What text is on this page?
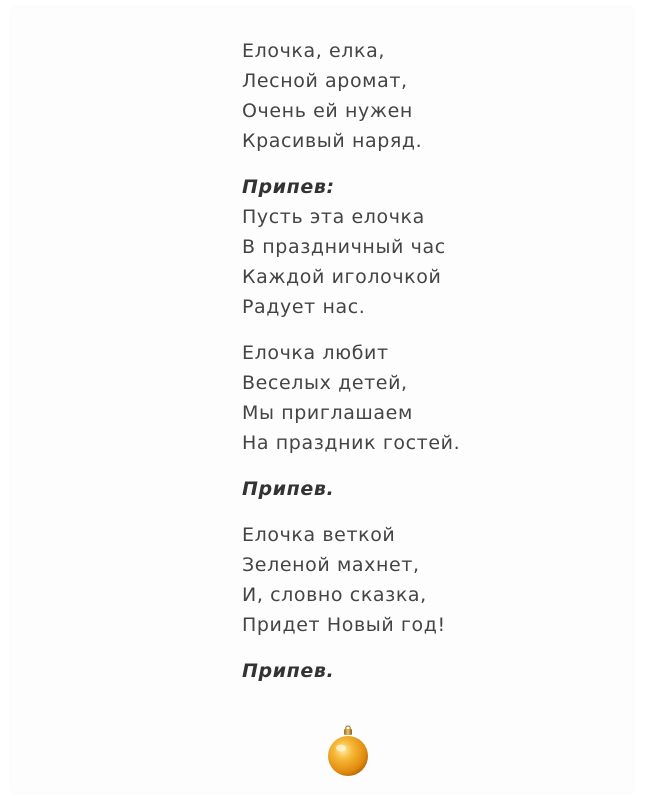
Елочка, елка,
Лесной аромат,
Очень ей нужен
Красивый наряд.
Припев:
Пусть эта елочка
В праздничный час
Каждой иголочкой
Радует нас.
Елочка любит
Веселых детей,
Мы приглашаем
На праздник гостей.
Припев.
Елочка веткой
Зеленой махнет,
И, словно сказка,
Придет Новый год!
Припев.
